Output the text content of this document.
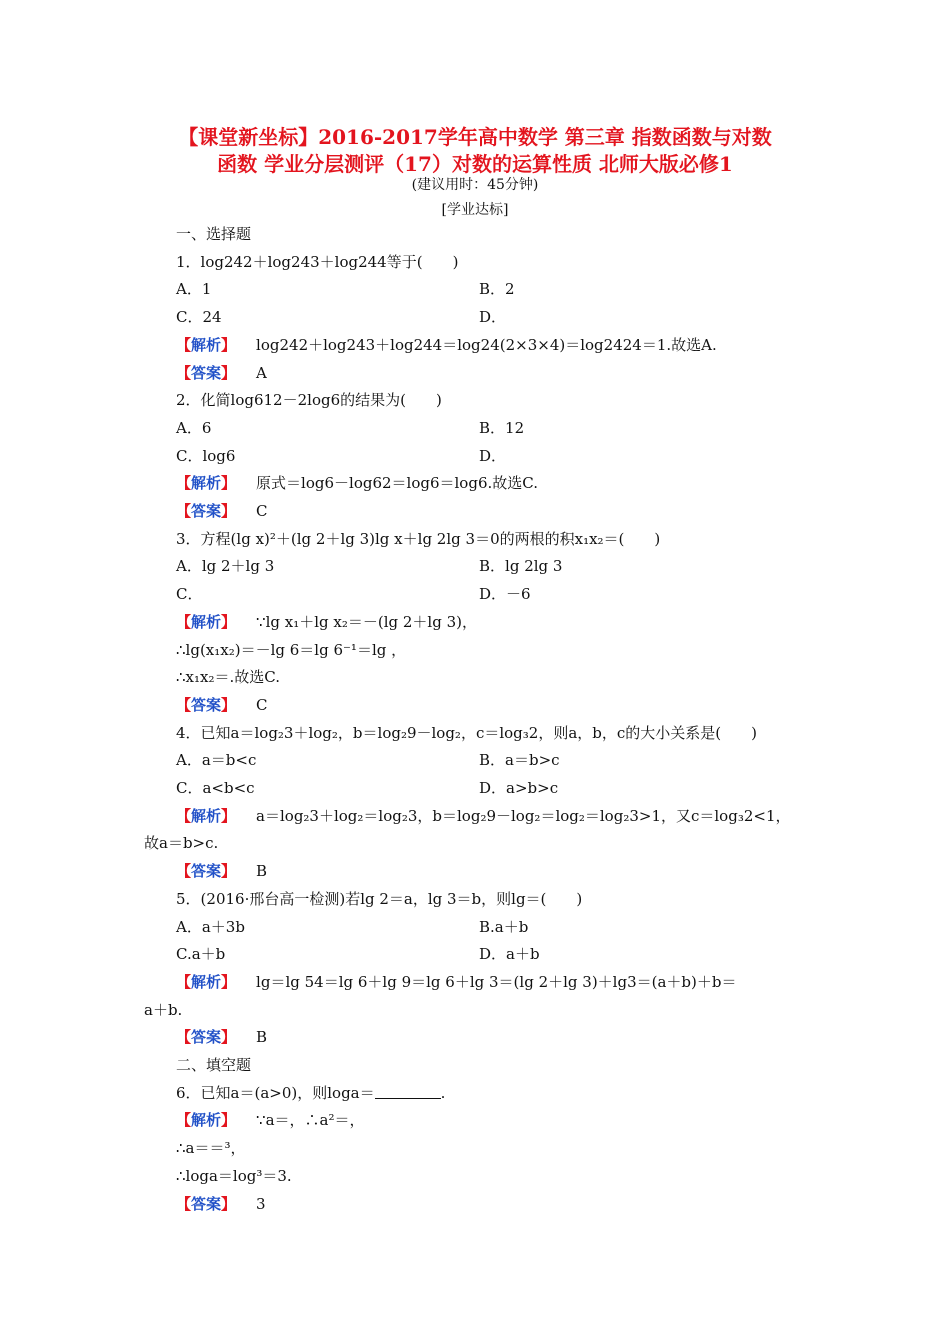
【课堂新坐标】2016-2017学年高中数学 第三章 指数函数与对数
函数 学业分层测评（17）对数的运算性质 北师大版必修1
(建议用时：45分钟)
[学业达标]
一、选择题
1．log242＋log243＋log244等于(　　)
A．1	B．2
C．24	D．
【解析】 log242＋log243＋log244＝log24(2×3×4)＝log2424＝1.故选A.
【答案】 A
2．化简log612－2log6的结果为(　　)
A．6	B．12
C．log6	D．
【解析】 原式＝log6－log62＝log6＝log6.故选C.
【答案】 C
3．方程(lg x)²＋(lg 2＋lg 3)lg x＋lg 2lg 3＝0的两根的积x₁x₂＝(　　)
A．lg 2＋lg 3	B．lg 2lg 3
C．	D．－6
【解析】 ∵lg x₁＋lg x₂＝－(lg 2＋lg 3)，
∴lg(x₁x₂)＝－lg 6＝lg 6⁻¹＝lg ，
∴x₁x₂＝.故选C.
【答案】 C
4．已知a＝log₂3＋log₂，b＝log₂9－log₂，c＝log₃2，则a，b，c的大小关系是(　　)
A．a＝b<c	B．a＝b>c
C．a<b<c	D．a>b>c
【解析】 a＝log₂3＋log₂＝log₂3，b＝log₂9－log₂＝log₂＝log₂3>1，又c＝log₃2<1，
故a＝b>c.
【答案】 B
5．(2016·邢台高一检测)若lg 2＝a，lg 3＝b，则lg＝(　　)
A．a＋3b	B.a＋b
C.a＋b	D．a＋b
【解析】 lg＝lg 54＝lg 6＋lg 9＝lg 6＋lg 3＝(lg 2＋lg 3)＋lg3＝(a＋b)＋b＝
a＋b.
【答案】 B
二、填空题
6．已知a＝(a>0)，则loga＝	.
【解析】 ∵a＝，∴a²＝，
∴a＝＝³，
∴loga＝log³＝3.
【答案】 3
